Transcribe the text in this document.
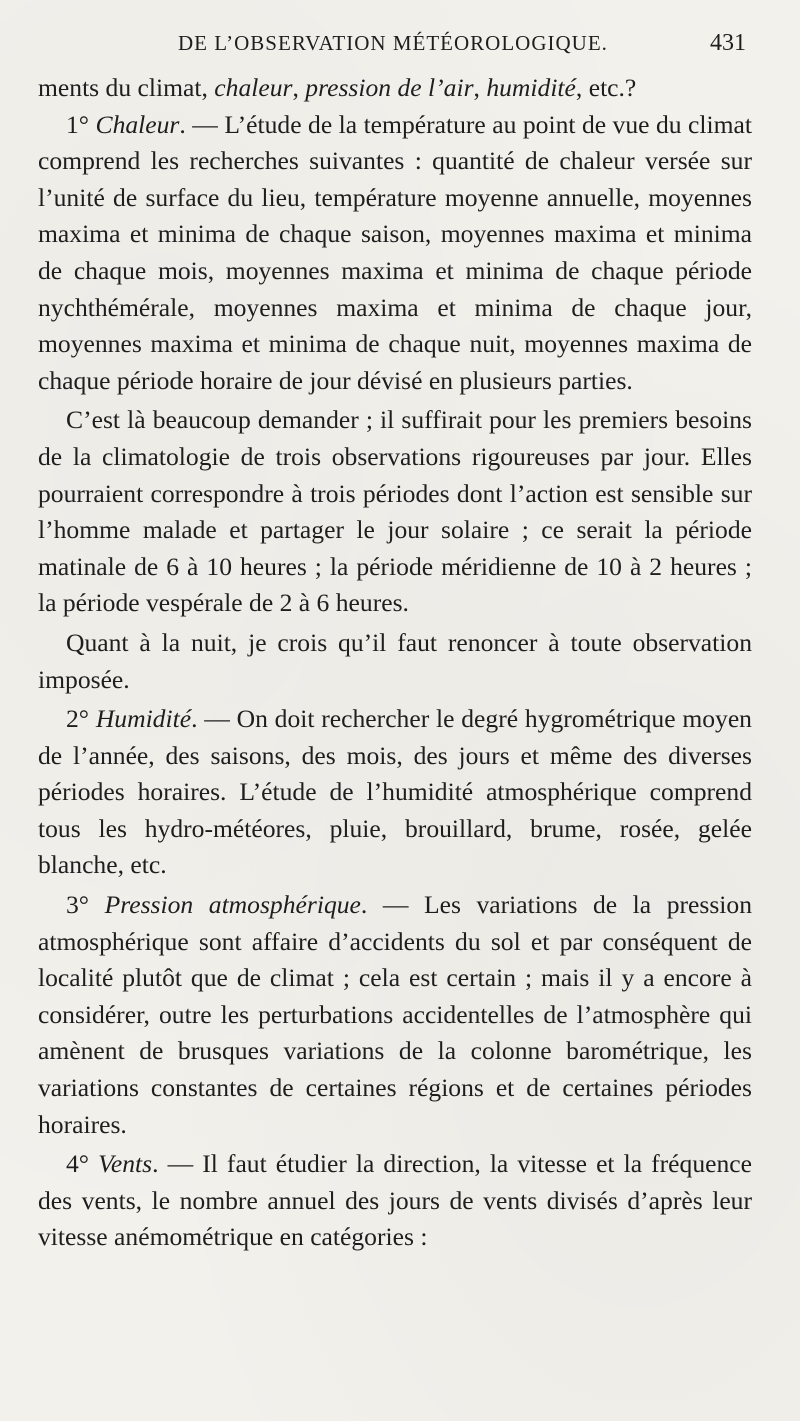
DE L’OBSERVATION MÉTÉOROLOGIQUE.	431

ments du climat, chaleur, pression de l’air, humidité, etc.?

1° Chaleur. — L’étude de la température au point de vue du climat comprend les recherches suivantes : quantité de chaleur versée sur l’unité de surface du lieu, température moyenne annuelle, moyennes maxima et minima de chaque saison, moyennes maxima et minima de chaque mois, moyennes maxima et minima de chaque période nychthémérale, moyennes maxima et minima de chaque jour, moyennes maxima et minima de chaque nuit, moyennes maxima de chaque période horaire de jour dévisé en plusieurs parties.

C’est là beaucoup demander ; il suffirait pour les premiers besoins de la climatologie de trois observations rigoureuses par jour. Elles pourraient correspondre à trois périodes dont l’action est sensible sur l’homme malade et partager le jour solaire ; ce serait la période matinale de 6 à 10 heures ; la période méridienne de 10 à 2 heures ; la période vespérale de 2 à 6 heures.

Quant à la nuit, je crois qu’il faut renoncer à toute observation imposée.

2° Humidité. — On doit rechercher le degré hygrométrique moyen de l’année, des saisons, des mois, des jours et même des diverses périodes horaires. L’étude de l’humidité atmosphérique comprend tous les hydro-météores, pluie, brouillard, brume, rosée, gelée blanche, etc.

3° Pression atmosphérique. — Les variations de la pression atmosphérique sont affaire d’accidents du sol et par conséquent de localité plutôt que de climat ; cela est certain ; mais il y a encore à considérer, outre les perturbations accidentelles de l’atmosphère qui amènent de brusques variations de la colonne barométrique, les variations constantes de certaines régions et de certaines périodes horaires.

4° Vents. — Il faut étudier la direction, la vitesse et la fréquence des vents, le nombre annuel des jours de vents divisés d’après leur vitesse anémométrique en catégories :
